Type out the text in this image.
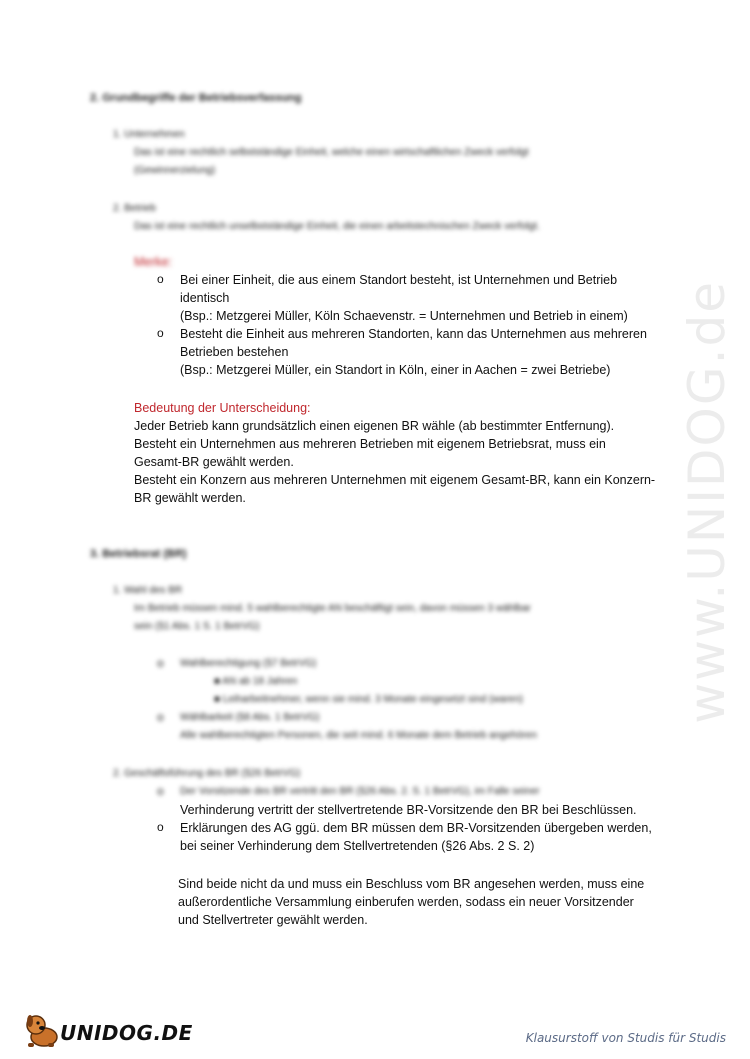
www.UNIDOG.de
2. Grundbegriffe der Betriebsverfassung
1. Unternehmen
Das ist eine rechtlich selbstständige Einheit, welche einen wirtschaftlichen Zweck verfolgt
(Gewinnerzielung)
2. Betrieb
Das ist eine rechtlich unselbstständige Einheit, die einen arbeitstechnischen Zweck verfolgt.
Merke:
o Bei einer Einheit, die aus einem Standort besteht, ist Unternehmen und Betrieb
identisch
(Bsp.: Metzgerei Müller, Köln Schaevenstr. = Unternehmen und Betrieb in einem)
o Besteht die Einheit aus mehreren Standorten, kann das Unternehmen aus mehreren
Betrieben bestehen
(Bsp.: Metzgerei Müller, ein Standort in Köln, einer in Aachen = zwei Betriebe)
Bedeutung der Unterscheidung:
Jeder Betrieb kann grundsätzlich einen eigenen BR wähle (ab bestimmter Entfernung).
Besteht ein Unternehmen aus mehreren Betrieben mit eigenem Betriebsrat, muss ein
Gesamt-BR gewählt werden.
Besteht ein Konzern aus mehreren Unternehmen mit eigenem Gesamt-BR, kann ein Konzern-
BR gewählt werden.
3. Betriebsrat (BR)
1. Wahl des BR
Im Betrieb müssen mind. 5 wahlberechtigte AN beschäftigt sein, davon müssen 3 wählbar
sein (§1 Abs. 1 S. 1 BetrVG)
o Wahlberechtigung (§7 BetrVG)
■ AN ab 18 Jahren
■ Leiharbeitnehmer, wenn sie mind. 3 Monate eingesetzt sind (waren)
o Wählbarkeit (§8 Abs. 1 BetrVG)
Alle wahlberechtigten Personen, die seit mind. 6 Monate dem Betrieb angehören
2. Geschäftsführung des BR (§26 BetrVG)
o Der Vorsitzende des BR vertritt den BR (§26 Abs. 2. S. 1 BetrVG), im Falle seiner
Verhinderung vertritt der stellvertretende BR-Vorsitzende den BR bei Beschlüssen.
o Erklärungen des AG ggü. dem BR müssen dem BR-Vorsitzenden übergeben werden,
bei seiner Verhinderung dem Stellvertretenden (§26 Abs. 2 S. 2)
Sind beide nicht da und muss ein Beschluss vom BR angesehen werden, muss eine
außerordentliche Versammlung einberufen werden, sodass ein neuer Vorsitzender
und Stellvertreter gewählt werden.
UNIDOG.DE	Klausurstoff von Studis für Studis
